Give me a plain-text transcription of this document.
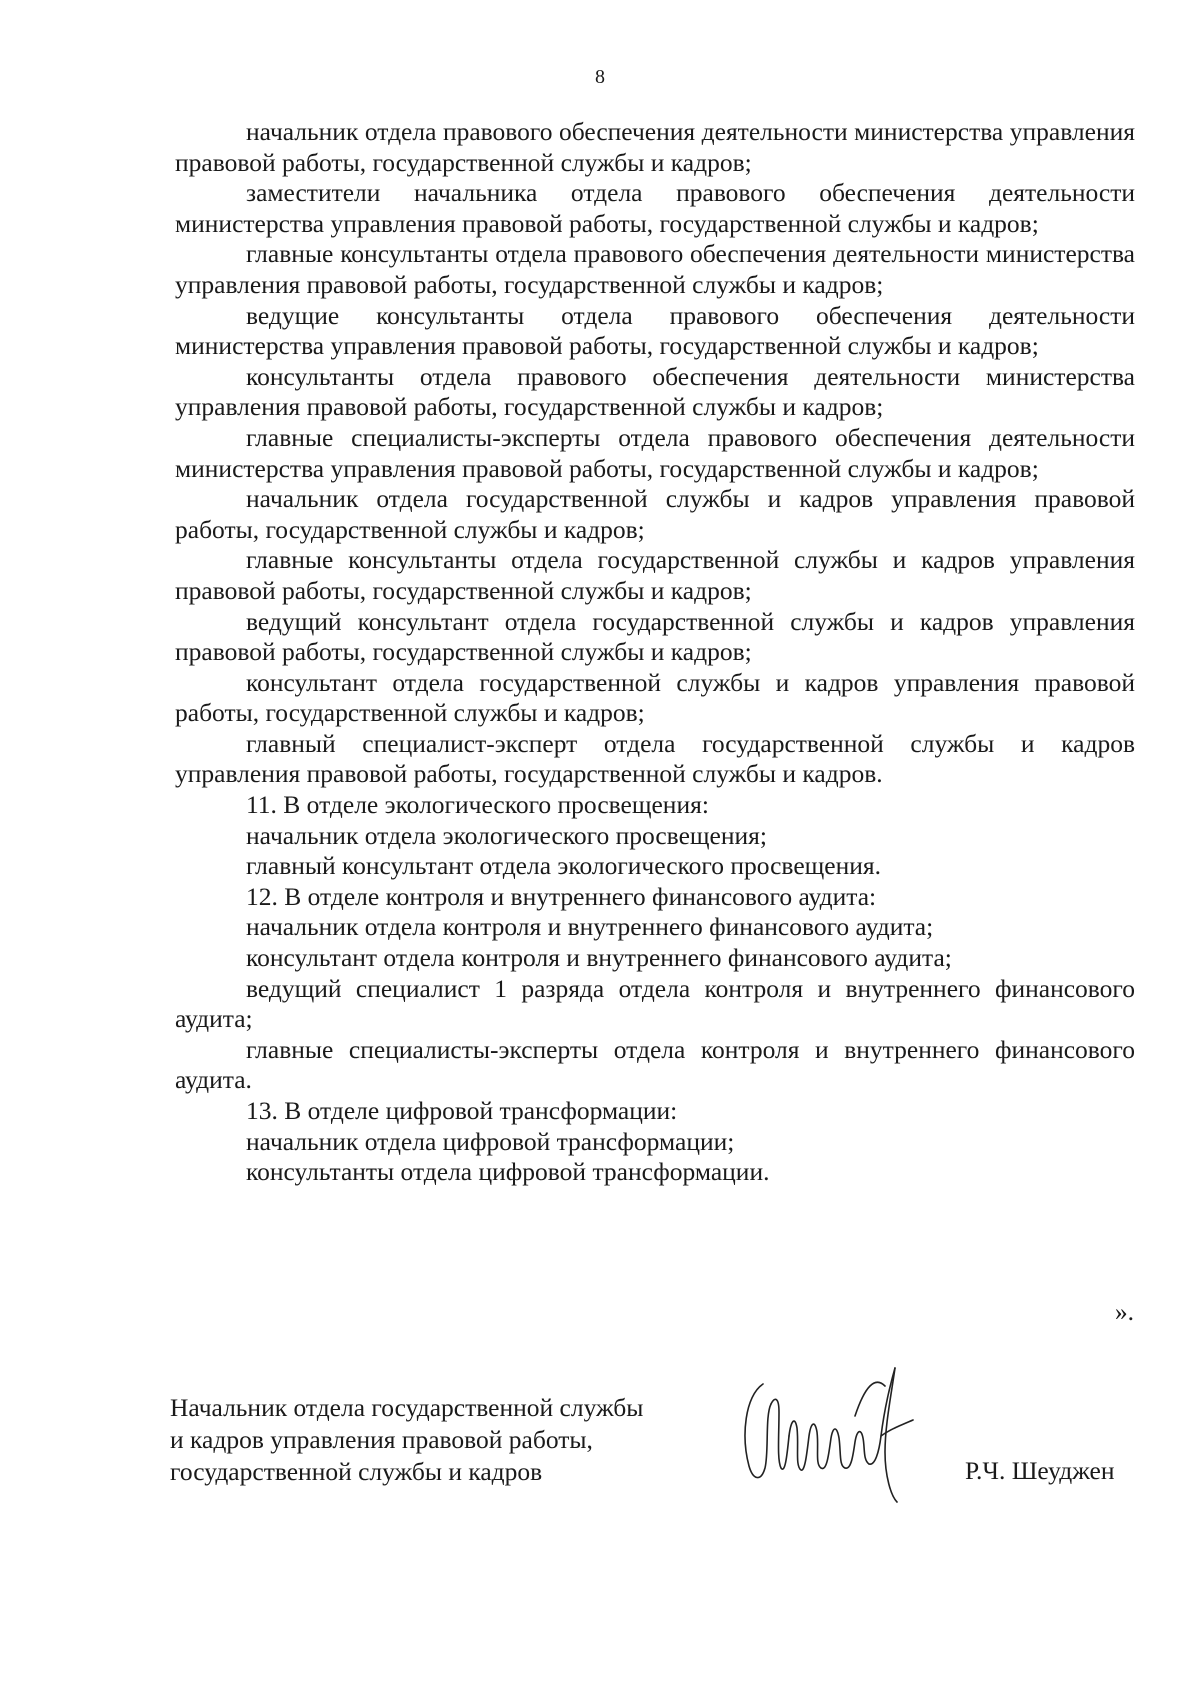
8

начальник отдела правового обеспечения деятельности министерства управления правовой работы, государственной службы и кадров;

заместители начальника отдела правового обеспечения деятельности министерства управления правовой работы, государственной службы и кадров;

главные консультанты отдела правового обеспечения деятельности министерства управления правовой работы, государственной службы и кадров;

ведущие консультанты отдела правового обеспечения деятельности министерства управления правовой работы, государственной службы и кадров;

консультанты отдела правового обеспечения деятельности министерства управления правовой работы, государственной службы и кадров;

главные специалисты-эксперты отдела правового обеспечения деятельности министерства управления правовой работы, государственной службы и кадров;

начальник отдела государственной службы и кадров управления правовой работы, государственной службы и кадров;

главные консультанты отдела государственной службы и кадров управления правовой работы, государственной службы и кадров;

ведущий консультант отдела государственной службы и кадров управления правовой работы, государственной службы и кадров;

консультант отдела государственной службы и кадров управления правовой работы, государственной службы и кадров;

главный специалист-эксперт отдела государственной службы и кадров управления правовой работы, государственной службы и кадров.

11. В отделе экологического просвещения:

начальник отдела экологического просвещения;

главный консультант отдела экологического просвещения.

12. В отделе контроля и внутреннего финансового аудита:

начальник отдела контроля и внутреннего финансового аудита;

консультант отдела контроля и внутреннего финансового аудита;

ведущий специалист 1 разряда отдела контроля и внутреннего финансового аудита;

главные специалисты-эксперты отдела контроля и внутреннего финансового аудита.

13. В отделе цифровой трансформации:

начальник отдела цифровой трансформации;

консультанты отдела цифровой трансформации.

».
Начальник отдела государственной службы
и кадров управления правовой работы,
государственной службы и кадров	Р.Ч. Шеуджен
